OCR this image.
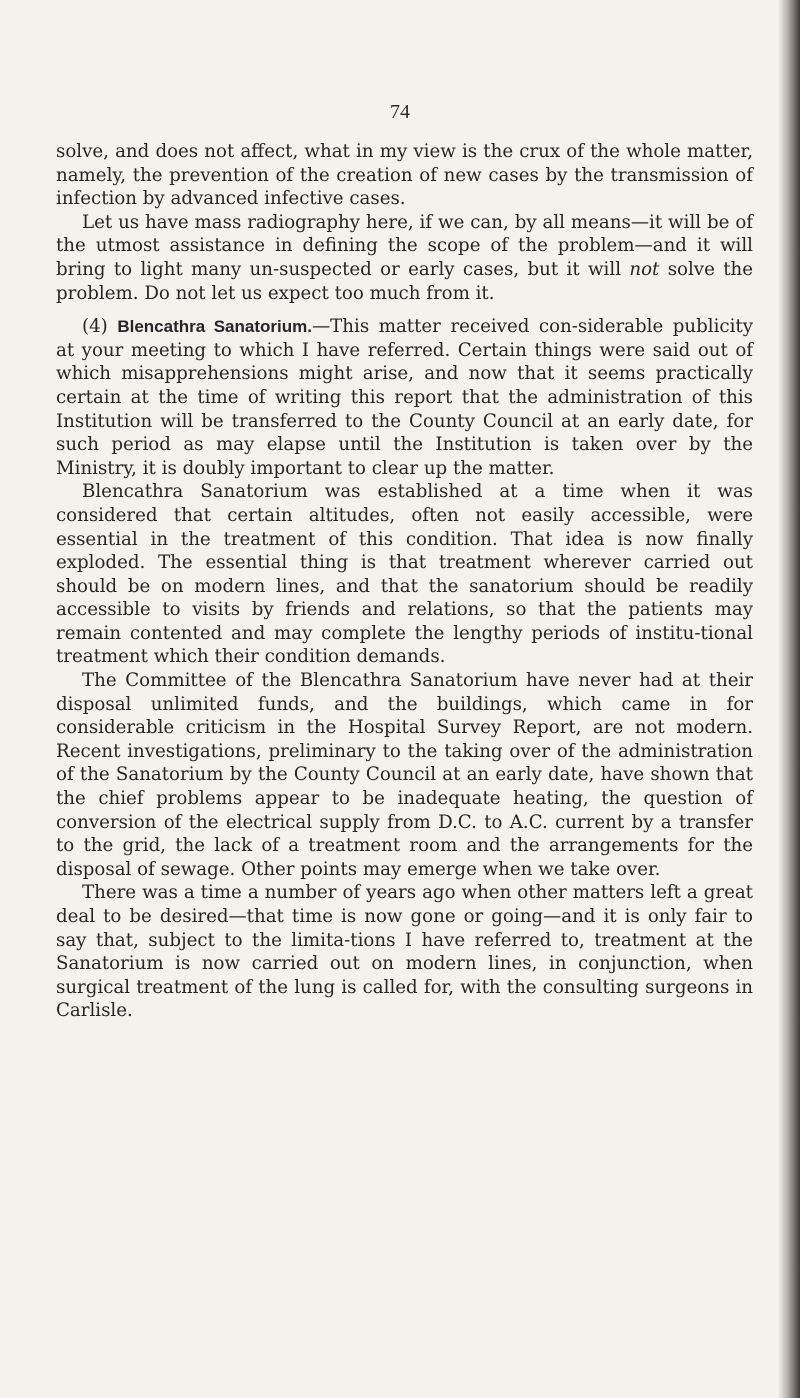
74

solve, and does not affect, what in my view is the crux of the whole matter, namely, the prevention of the creation of new cases by the transmission of infection by advanced infective cases.

Let us have mass radiography here, if we can, by all means—it will be of the utmost assistance in defining the scope of the problem—and it will bring to light many un-suspected or early cases, but it will not solve the problem. Do not let us expect too much from it.

(4) Blencathra Sanatorium.—This matter received con-siderable publicity at your meeting to which I have referred. Certain things were said out of which misapprehensions might arise, and now that it seems practically certain at the time of writing this report that the administration of this Institution will be transferred to the County Council at an early date, for such period as may elapse until the Institution is taken over by the Ministry, it is doubly important to clear up the matter.

Blencathra Sanatorium was established at a time when it was considered that certain altitudes, often not easily accessible, were essential in the treatment of this condition. That idea is now finally exploded. The essential thing is that treatment wherever carried out should be on modern lines, and that the sanatorium should be readily accessible to visits by friends and relations, so that the patients may remain contented and may complete the lengthy periods of institu-tional treatment which their condition demands.

The Committee of the Blencathra Sanatorium have never had at their disposal unlimited funds, and the buildings, which came in for considerable criticism in the Hospital Survey Report, are not modern. Recent investigations, preliminary to the taking over of the administration of the Sanatorium by the County Council at an early date, have shown that the chief problems appear to be inadequate heating, the question of conversion of the electrical supply from D.C. to A.C. current by a transfer to the grid, the lack of a treatment room and the arrangements for the disposal of sewage. Other points may emerge when we take over.

There was a time a number of years ago when other matters left a great deal to be desired—that time is now gone or going—and it is only fair to say that, subject to the limita-tions I have referred to, treatment at the Sanatorium is now carried out on modern lines, in conjunction, when surgical treatment of the lung is called for, with the consulting surgeons in Carlisle.
